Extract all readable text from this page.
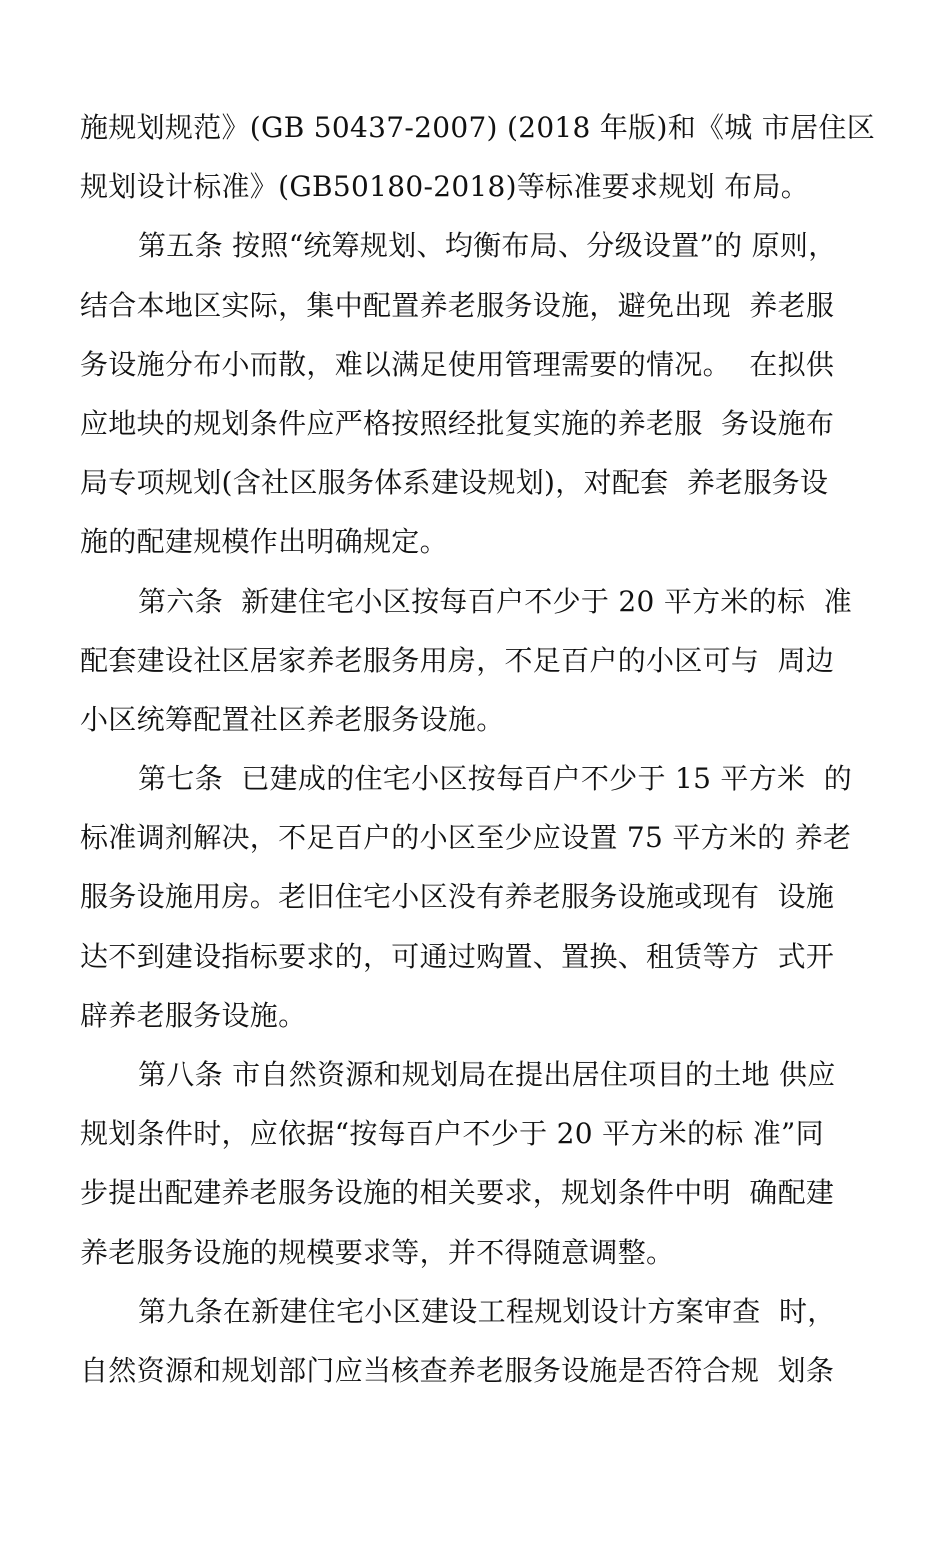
施规划规范》(GB 50437-2007) (2018 年版)和《城 市居住区
规划设计标准》(GB50180-2018)等标准要求规划 布局。
第五条 按照“统筹规划、均衡布局、分级设置”的 原则，
结合本地区实际，集中配置养老服务设施，避免出现  养老服
务设施分布小而散，难以满足使用管理需要的情况。  在拟供
应地块的规划条件应严格按照经批复实施的养老服  务设施布
局专项规划(含社区服务体系建设规划)，对配套  养老服务设
施的配建规模作出明确规定。
第六条  新建住宅小区按每百户不少于 20 平方米的标  准
配套建设社区居家养老服务用房，不足百户的小区可与  周边
小区统筹配置社区养老服务设施。
第七条  已建成的住宅小区按每百户不少于 15 平方米  的
标准调剂解决，不足百户的小区至少应设置 75 平方米的 养老
服务设施用房。老旧住宅小区没有养老服务设施或现有  设施
达不到建设指标要求的，可通过购置、置换、租赁等方  式开
辟养老服务设施。
第八条 市自然资源和规划局在提出居住项目的土地 供应
规划条件时，应依据“按每百户不少于 20 平方米的标 准”同
步提出配建养老服务设施的相关要求，规划条件中明  确配建
养老服务设施的规模要求等，并不得随意调整。
第九条在新建住宅小区建设工程规划设计方案审查  时，
自然资源和规划部门应当核查养老服务设施是否符合规  划条
